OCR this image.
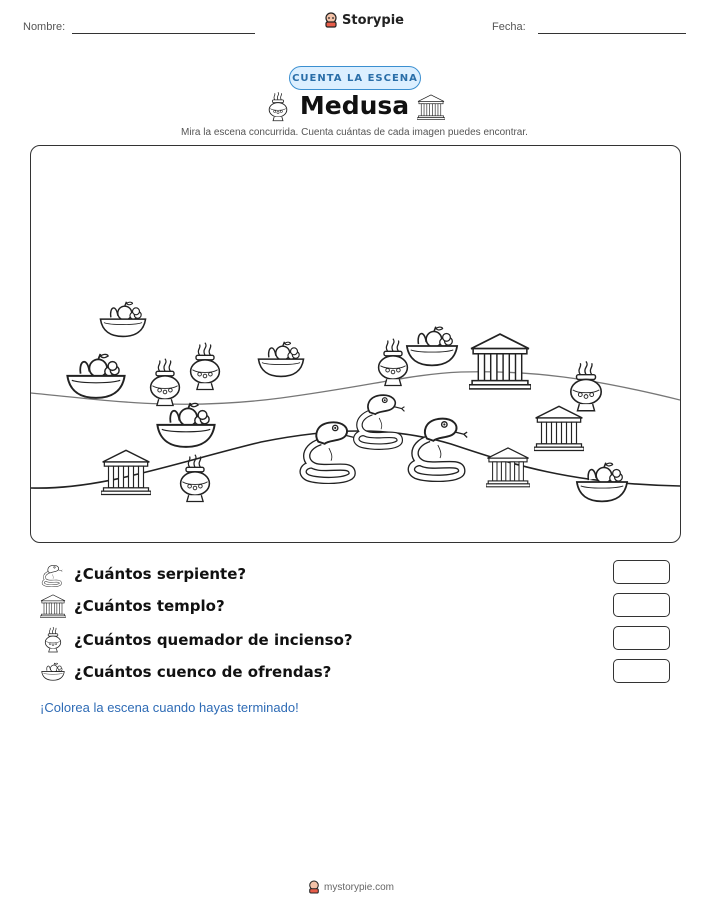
Nombre:	Storypie	Fecha:
CUENTA LA ESCENA
Medusa
Mira la escena concurrida. Cuenta cuántas de cada imagen puedes encontrar.
¿Cuántos serpiente?
¿Cuántos templo?
¿Cuántos quemador de incienso?
¿Cuántos cuenco de ofrendas?
¡Colorea la escena cuando hayas terminado!
mystorypie.com
